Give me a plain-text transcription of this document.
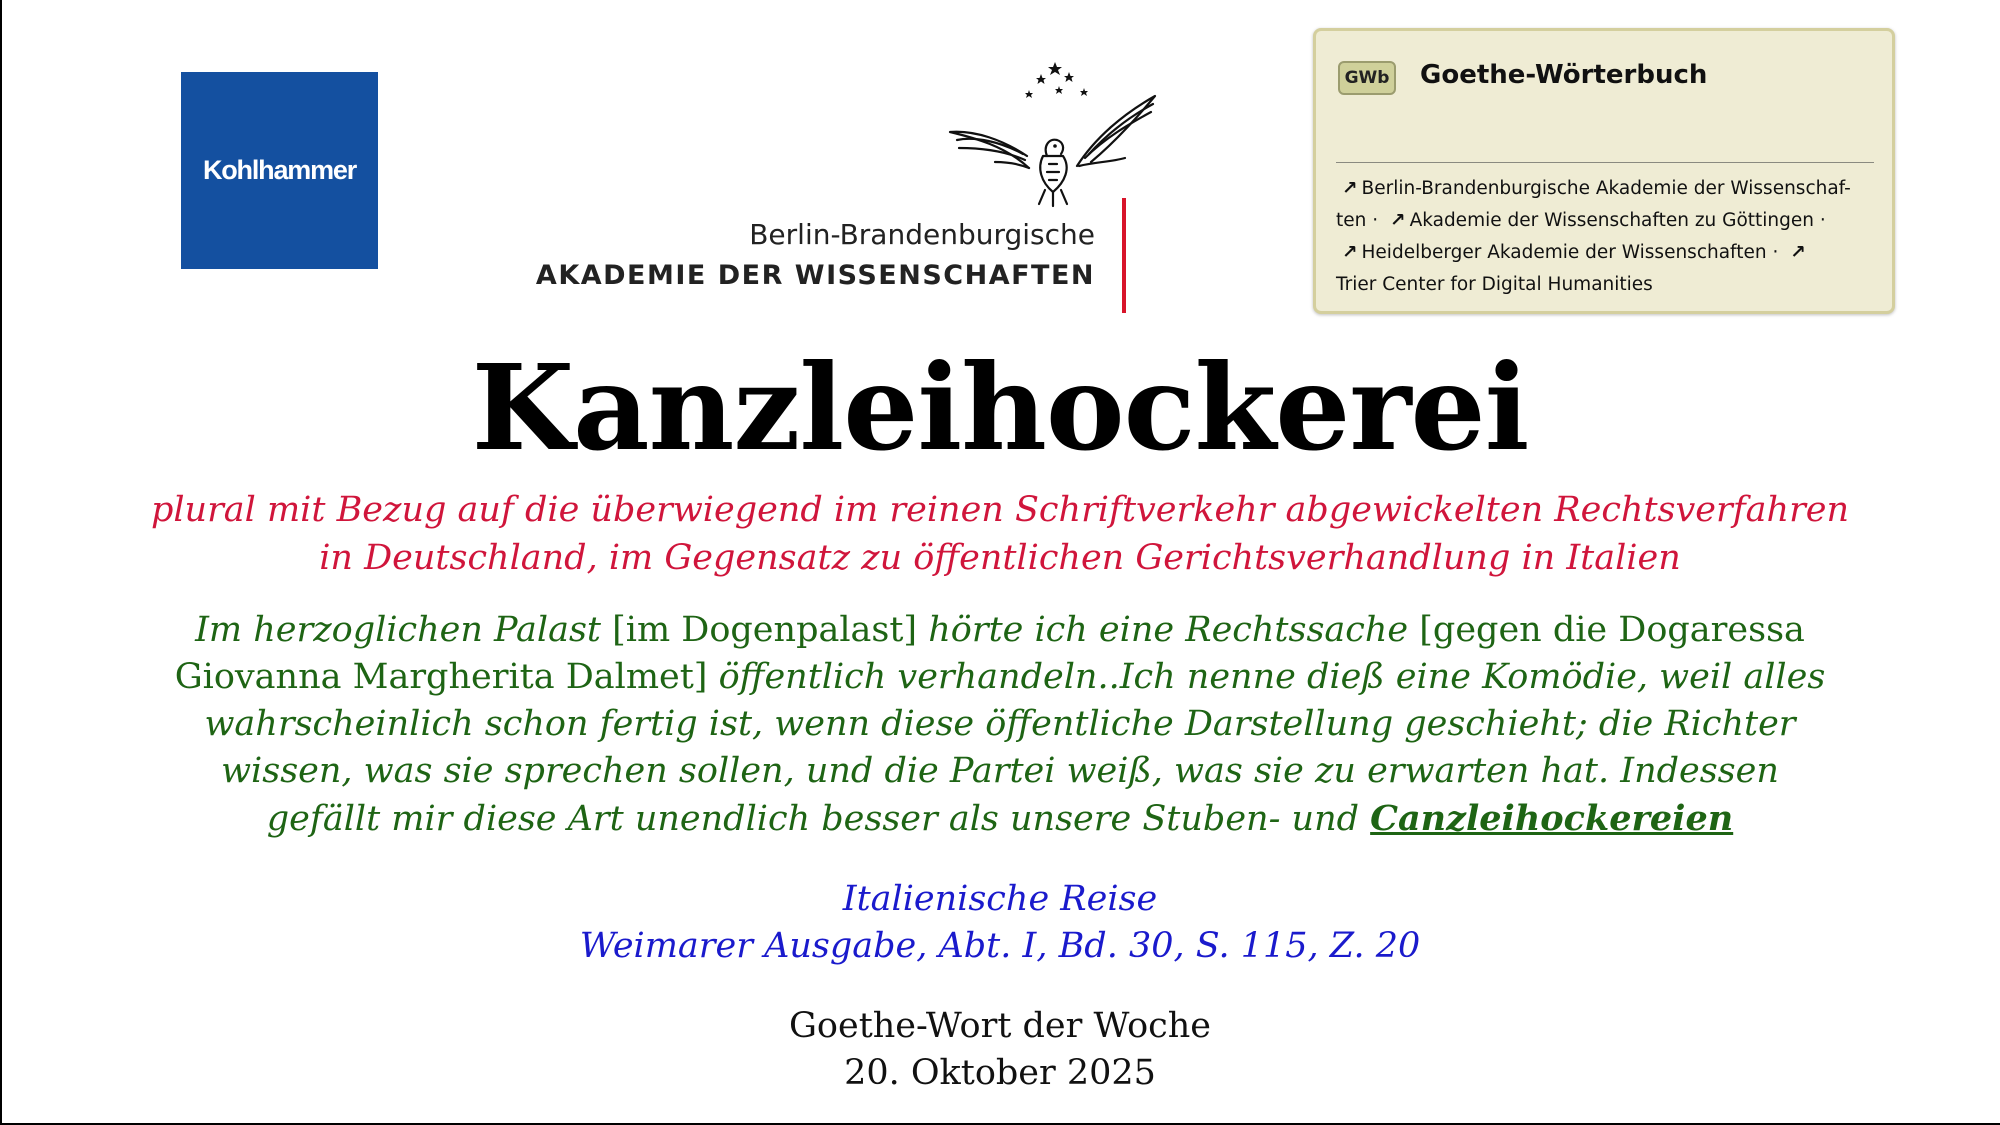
Kohlhammer
Berlin-Brandenburgische
AKADEMIE DER WISSENSCHAFTEN
GWb Goethe-Wörterbuch
↗ Berlin-Brandenburgische Akademie der Wissenschaf-ten · ↗ Akademie der Wissenschaften zu Göttingen ·
↗ Heidelberger Akademie der Wissenschaften · ↗
Trier Center for Digital Humanities
Kanzleihockerei
plural mit Bezug auf die überwiegend im reinen Schriftverkehr abgewickelten Rechtsverfahren in Deutschland, im Gegensatz zu öffentlichen Gerichtsverhandlung in Italien
Im herzoglichen Palast [im Dogenpalast] hörte ich eine Rechtssache [gegen die Dogaressa Giovanna Margherita Dalmet] öffentlich verhandeln..Ich nenne dieß eine Komödie, weil alles wahrscheinlich schon fertig ist, wenn diese öffentliche Darstellung geschieht; die Richter wissen, was sie sprechen sollen, und die Partei weiß, was sie zu erwarten hat. Indessen gefällt mir diese Art unendlich besser als unsere Stuben- und Canzleihockereien
Italienische Reise
Weimarer Ausgabe, Abt. I, Bd. 30, S. 115, Z. 20
Goethe-Wort der Woche
20. Oktober 2025
